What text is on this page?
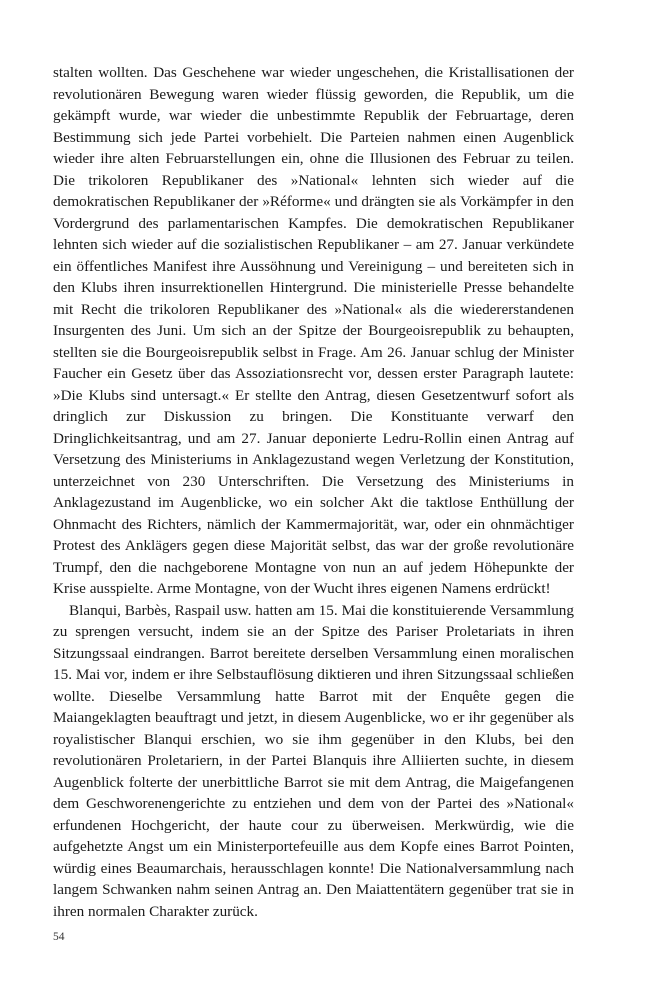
stalten wollten. Das Geschehene war wieder ungeschehen, die Kristallisationen der revolutionären Bewegung waren wieder flüssig geworden, die Republik, um die gekämpft wurde, war wieder die unbestimmte Republik der Februartage, deren Bestimmung sich jede Partei vorbehielt. Die Parteien nahmen einen Augenblick wieder ihre alten Februarstellungen ein, ohne die Illusionen des Februar zu teilen. Die trikoloren Republikaner des »National« lehnten sich wieder auf die demokratischen Republikaner der »Réforme« und drängten sie als Vorkämpfer in den Vordergrund des parlamentarischen Kampfes. Die demokratischen Republikaner lehnten sich wieder auf die sozialistischen Republikaner – am 27. Januar verkündete ein öffentliches Manifest ihre Aussöhnung und Vereinigung – und bereiteten sich in den Klubs ihren insurrektionellen Hintergrund. Die ministerielle Presse behandelte mit Recht die trikoloren Republikaner des »National« als die wiedererstandenen Insurgenten des Juni. Um sich an der Spitze der Bourgeoisrepublik zu behaupten, stellten sie die Bourgeoisrepublik selbst in Frage. Am 26. Januar schlug der Minister Faucher ein Gesetz über das Assoziationsrecht vor, dessen erster Paragraph lautete: »Die Klubs sind untersagt.« Er stellte den Antrag, diesen Gesetzentwurf sofort als dringlich zur Diskussion zu bringen. Die Konstituante verwarf den Dringlichkeitsantrag, und am 27. Januar deponierte Ledru-Rollin einen Antrag auf Versetzung des Ministeriums in Anklagezustand wegen Verletzung der Konstitution, unterzeichnet von 230 Unterschriften. Die Versetzung des Ministeriums in Anklagezustand im Augenblicke, wo ein solcher Akt die taktlose Enthüllung der Ohnmacht des Richters, nämlich der Kammermajorität, war, oder ein ohnmächtiger Protest des Anklägers gegen diese Majorität selbst, das war der große revolutionäre Trumpf, den die nachgeborene Montagne von nun an auf jedem Höhepunkte der Krise ausspielte. Arme Montagne, von der Wucht ihres eigenen Namens erdrückt!

Blanqui, Barbès, Raspail usw. hatten am 15. Mai die konstituierende Versammlung zu sprengen versucht, indem sie an der Spitze des Pariser Proletariats in ihren Sitzungssaal eindrangen. Barrot bereitete derselben Versammlung einen moralischen 15. Mai vor, indem er ihre Selbstauflösung diktieren und ihren Sitzungssaal schließen wollte. Dieselbe Versammlung hatte Barrot mit der Enquête gegen die Maiangeklagten beauftragt und jetzt, in diesem Augenblicke, wo er ihr gegenüber als royalistischer Blanqui erschien, wo sie ihm gegenüber in den Klubs, bei den revolutionären Proletariern, in der Partei Blanquis ihre Alliierten suchte, in diesem Augenblick folterte der unerbittliche Barrot sie mit dem Antrag, die Maigefangenen dem Geschworenengerichte zu entziehen und dem von der Partei des »National« erfundenen Hochgericht, der haute cour zu überweisen. Merkwürdig, wie die aufgehetzte Angst um ein Ministerportefeuille aus dem Kopfe eines Barrot Pointen, würdig eines Beaumarchais, herausschlagen konnte! Die Nationalversammlung nach langem Schwanken nahm seinen Antrag an. Den Maiattentätern gegenüber trat sie in ihren normalen Charakter zurück.

54
